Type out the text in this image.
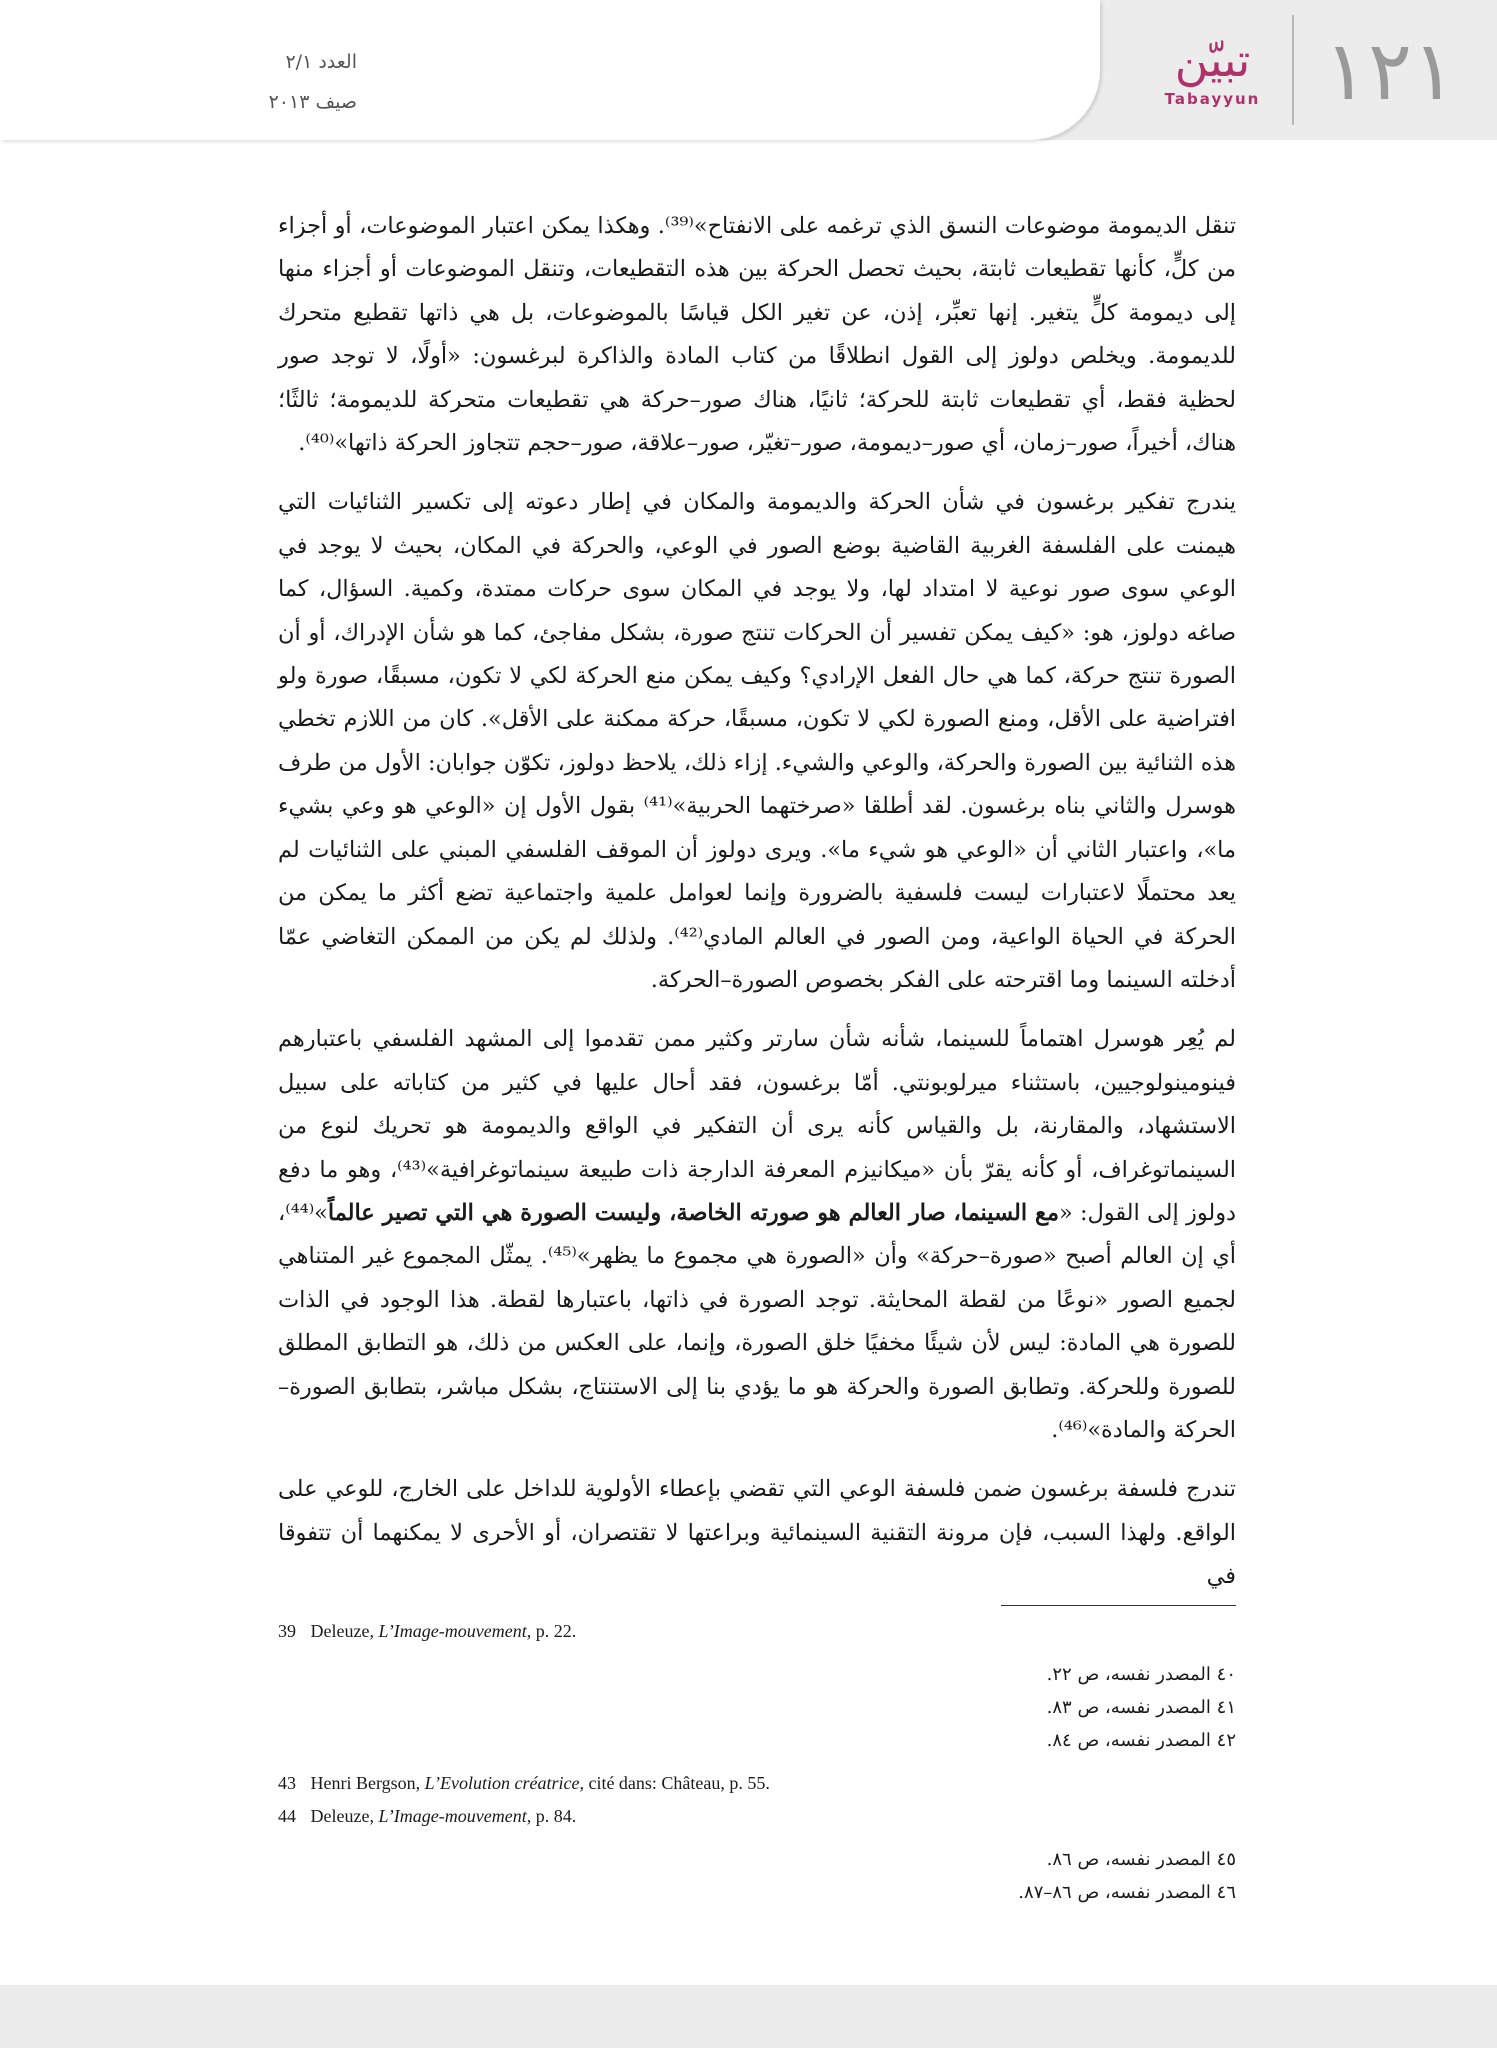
العدد ٢/١
صيف ٢٠١٣
تبيّن
Tabayyun ١٢١

تنقل الديمومة موضوعات النسق الذي ترغمه على الانفتاح»⁽³⁹⁾. وهكذا يمكن اعتبار الموضوعات، أو أجزاء من كلٍّ، كأنها تقطيعات ثابتة، بحيث تحصل الحركة بين هذه التقطيعات، وتنقل الموضوعات أو أجزاء منها إلى ديمومة كلٍّ يتغير. إنها تعبِّر، إذن، عن تغير الكل قياسًا بالموضوعات، بل هي ذاتها تقطيع متحرك للديمومة. ويخلص دولوز إلى القول انطلاقًا من كتاب المادة والذاكرة لبرغسون: «أولًا، لا توجد صور لحظية فقط، أي تقطيعات ثابتة للحركة؛ ثانيًا، هناك صور–حركة هي تقطيعات متحركة للديمومة؛ ثالثًا؛ هناك، أخيراً، صور–زمان، أي صور–ديمومة، صور–تغيّر، صور–علاقة، صور–حجم تتجاوز الحركة ذاتها»⁽⁴⁰⁾.

يندرج تفكير برغسون في شأن الحركة والديمومة والمكان في إطار دعوته إلى تكسير الثنائيات التي هيمنت على الفلسفة الغربية القاضية بوضع الصور في الوعي، والحركة في المكان، بحيث لا يوجد في الوعي سوى صور نوعية لا امتداد لها، ولا يوجد في المكان سوى حركات ممتدة، وكمية. السؤال، كما صاغه دولوز، هو: «كيف يمكن تفسير أن الحركات تنتج صورة، بشكل مفاجئ، كما هو شأن الإدراك، أو أن الصورة تنتج حركة، كما هي حال الفعل الإرادي؟ وكيف يمكن منع الحركة لكي لا تكون، مسبقًا، صورة ولو افتراضية على الأقل، ومنع الصورة لكي لا تكون، مسبقًا، حركة ممكنة على الأقل». كان من اللازم تخطي هذه الثنائية بين الصورة والحركة، والوعي والشيء. إزاء ذلك، يلاحظ دولوز، تكوّن جوابان: الأول من طرف هوسرل والثاني بناه برغسون. لقد أطلقا «صرختهما الحربية»⁽⁴¹⁾ بقول الأول إن «الوعي هو وعي بشيء ما»، واعتبار الثاني أن «الوعي هو شيء ما». ويرى دولوز أن الموقف الفلسفي المبني على الثنائيات لم يعد محتملًا لاعتبارات ليست فلسفية بالضرورة وإنما لعوامل علمية واجتماعية تضع أكثر ما يمكن من الحركة في الحياة الواعية، ومن الصور في العالم المادي⁽⁴²⁾. ولذلك لم يكن من الممكن التغاضي عمّا أدخلته السينما وما اقترحته على الفكر بخصوص الصورة–الحركة.

لم يُعِر هوسرل اهتماماً للسينما، شأنه شأن سارتر وكثير ممن تقدموا إلى المشهد الفلسفي باعتبارهم فينومينولوجيين، باستثناء ميرلوبونتي. أمّا برغسون، فقد أحال عليها في كثير من كتاباته على سبيل الاستشهاد، والمقارنة، بل والقياس كأنه يرى أن التفكير في الواقع والديمومة هو تحريك لنوع من السينماتوغراف، أو كأنه يقرّ بأن «ميكانيزم المعرفة الدارجة ذات طبيعة سينماتوغرافية»⁽⁴³⁾، وهو ما دفع دولوز إلى القول: «مع السينما، صار العالم هو صورته الخاصة، وليست الصورة هي التي تصير عالماً»⁽⁴⁴⁾، أي إن العالم أصبح «صورة–حركة» وأن «الصورة هي مجموع ما يظهر»⁽⁴⁵⁾. يمثّل المجموع غير المتناهي لجميع الصور «نوعًا من لقطة المحايثة. توجد الصورة في ذاتها، باعتبارها لقطة. هذا الوجود في الذات للصورة هي المادة: ليس لأن شيئًا مخفيًا خلق الصورة، وإنما، على العكس من ذلك، هو التطابق المطلق للصورة وللحركة. وتطابق الصورة والحركة هو ما يؤدي بنا إلى الاستنتاج، بشكل مباشر، بتطابق الصورة–الحركة والمادة»⁽⁴⁶⁾.

تندرج فلسفة برغسون ضمن فلسفة الوعي التي تقضي بإعطاء الأولوية للداخل على الخارج، للوعي على الواقع. ولهذا السبب، فإن مرونة التقنية السينمائية وبراعتها لا تقتصران، أو الأحرى لا يمكنهما أن تتفوقا في

39 Deleuze, L’Image-mouvement, p. 22.
٤٠ المصدر نفسه، ص ٢٢.
٤١ المصدر نفسه، ص ٨٣.
٤٢ المصدر نفسه، ص ٨٤.
43 Henri Bergson, L’Evolution créatrice, cité dans: Château, p. 55.
44 Deleuze, L’Image-mouvement, p. 84.
٤٥ المصدر نفسه، ص ٨٦.
٤٦ المصدر نفسه، ص ٨٦–٨٧.
